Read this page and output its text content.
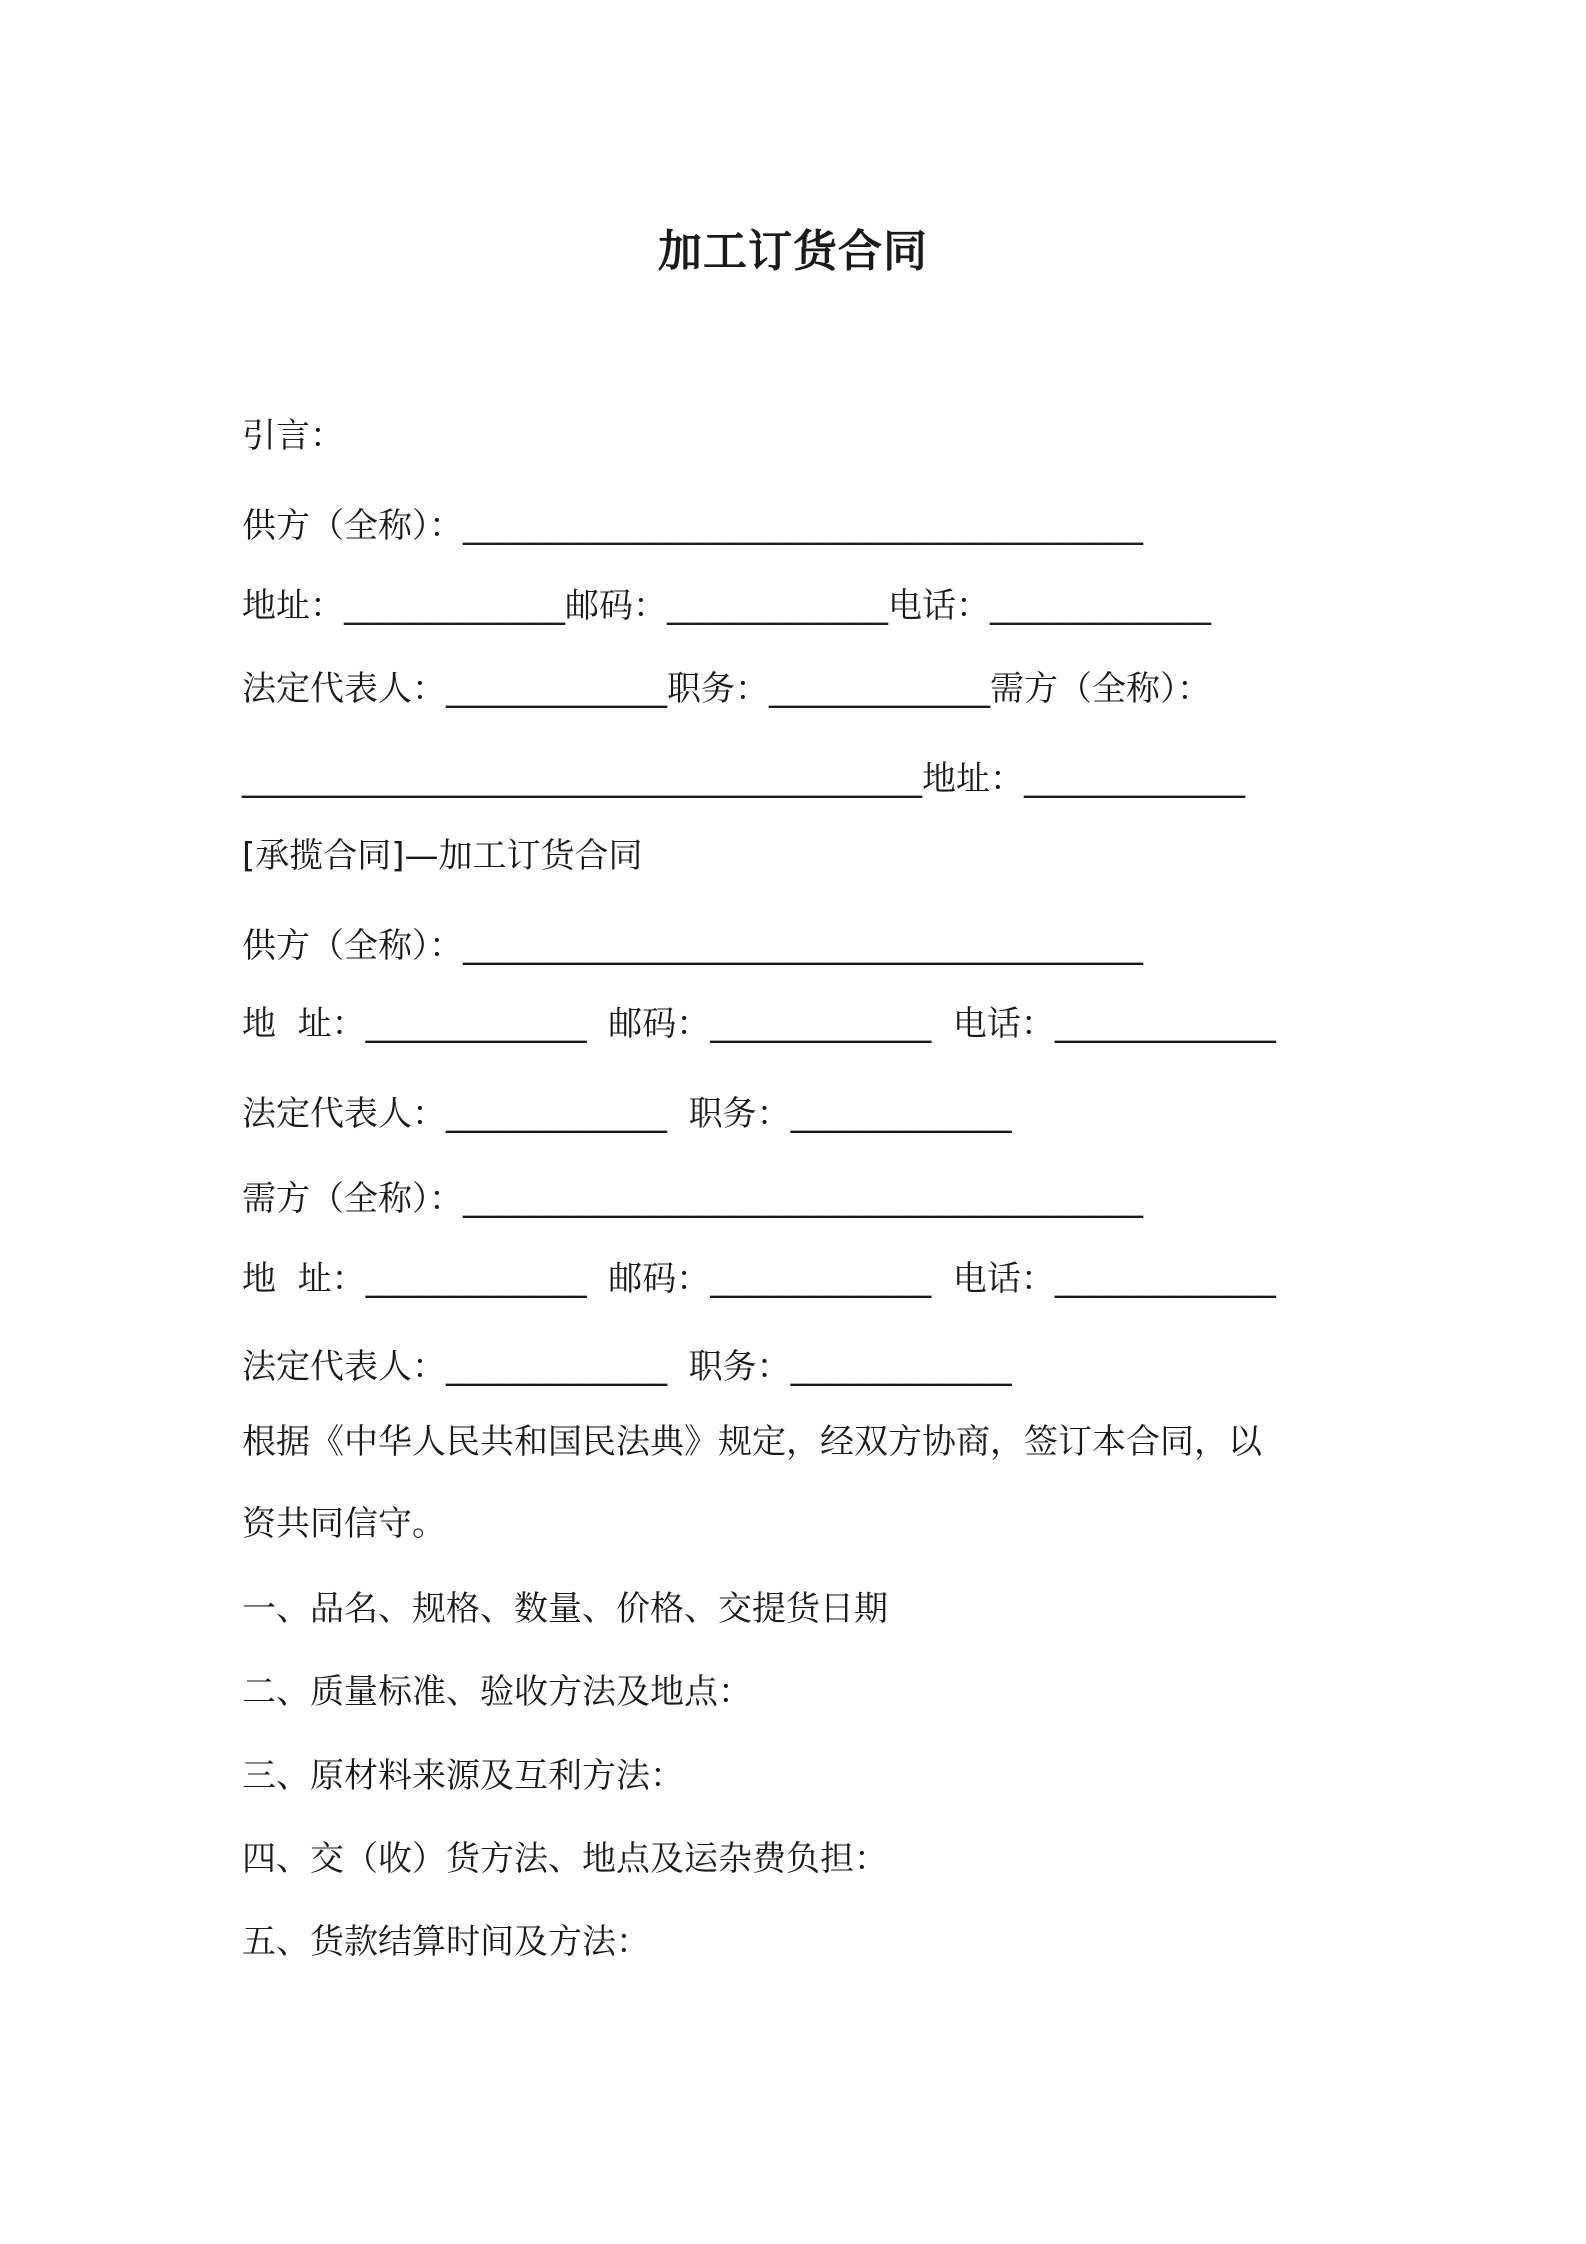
加工订货合同
引言：
供方（全称）：________________________________________
地址：_____________邮码：_____________电话：_____________
法定代表人：_____________职务：_____________需方（全称）：
________________________________________地址：_____________
[承揽合同]—加工订货合同
供方（全称）：________________________________________
地  址：_____________  邮码：_____________  电话：_____________
法定代表人：_____________  职务：_____________
需方（全称）：________________________________________
地  址：_____________  邮码：_____________  电话：_____________
法定代表人：_____________  职务：_____________
根据《中华人民共和国民法典》规定，经双方协商，签订本合同，以
资共同信守。
一、品名、规格、数量、价格、交提货日期
二、质量标准、验收方法及地点：
三、原材料来源及互利方法：
四、交（收）货方法、地点及运杂费负担：
五、货款结算时间及方法：
